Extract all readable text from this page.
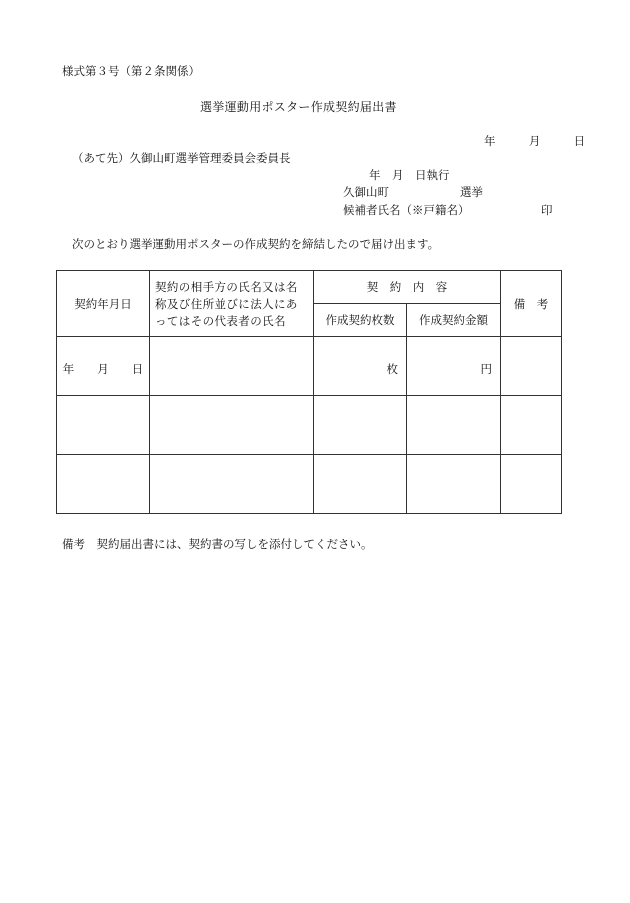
様式第３号（第２条関係）
選挙運動用ポスター作成契約届出書
年	月	日
（あて先）久御山町選挙管理委員会委員長
年　月　日執行
久御山町	選挙
候補者氏名（※戸籍名）	印
次のとおり選挙運動用ポスターの作成契約を締結したので届け出ます。
契約年月日	契約の相手方の氏名又は名称及び住所並びに法人にあってはその代表者の氏名	契　約　内　容		備　考
		作成契約枚数	作成契約金額	
年　　月　　日		枚	円	

備考　契約届出書には、契約書の写しを添付してください。
